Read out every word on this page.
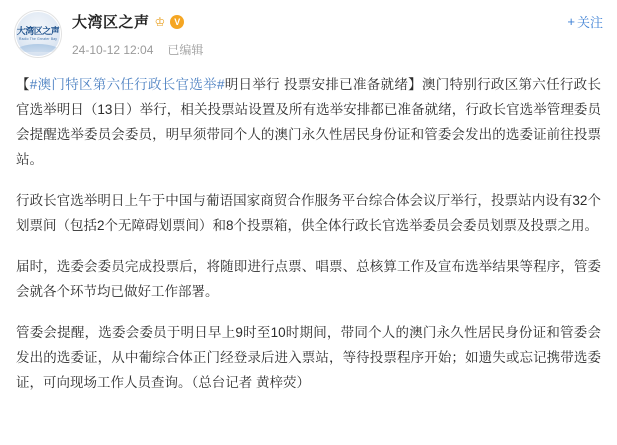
大湾区之声
Radio The Greater Bay
大湾区之声 ♔ V
24-10-12 12:04 已编辑
+ 关注

【#澳门特区第六任行政长官选举#明日举行 投票安排已准备就绪】澳门特别行政区第六任行政长官选举明日（13日）举行，相关投票站设置及所有选举安排都已准备就绪，行政长官选举管理委员会提醒选举委员会委员，明早须带同个人的澳门永久性居民身份证和管委会发出的选委证前往投票站。

行政长官选举明日上午于中国与葡语国家商贸合作服务平台综合体会议厅举行，投票站内设有32个划票间（包括2个无障碍划票间）和8个投票箱，供全体行政长官选举委员会委员划票及投票之用。

届时，选委会委员完成投票后，将随即进行点票、唱票、总核算工作及宣布选举结果等程序，管委会就各个环节均已做好工作部署。

管委会提醒，选委会委员于明日早上9时至10时期间，带同个人的澳门永久性居民身份证和管委会发出的选委证，从中葡综合体正门经登录后进入票站，等待投票程序开始；如遗失或忘记携带选委证，可向现场工作人员查询。（总台记者 黄梓荧）
